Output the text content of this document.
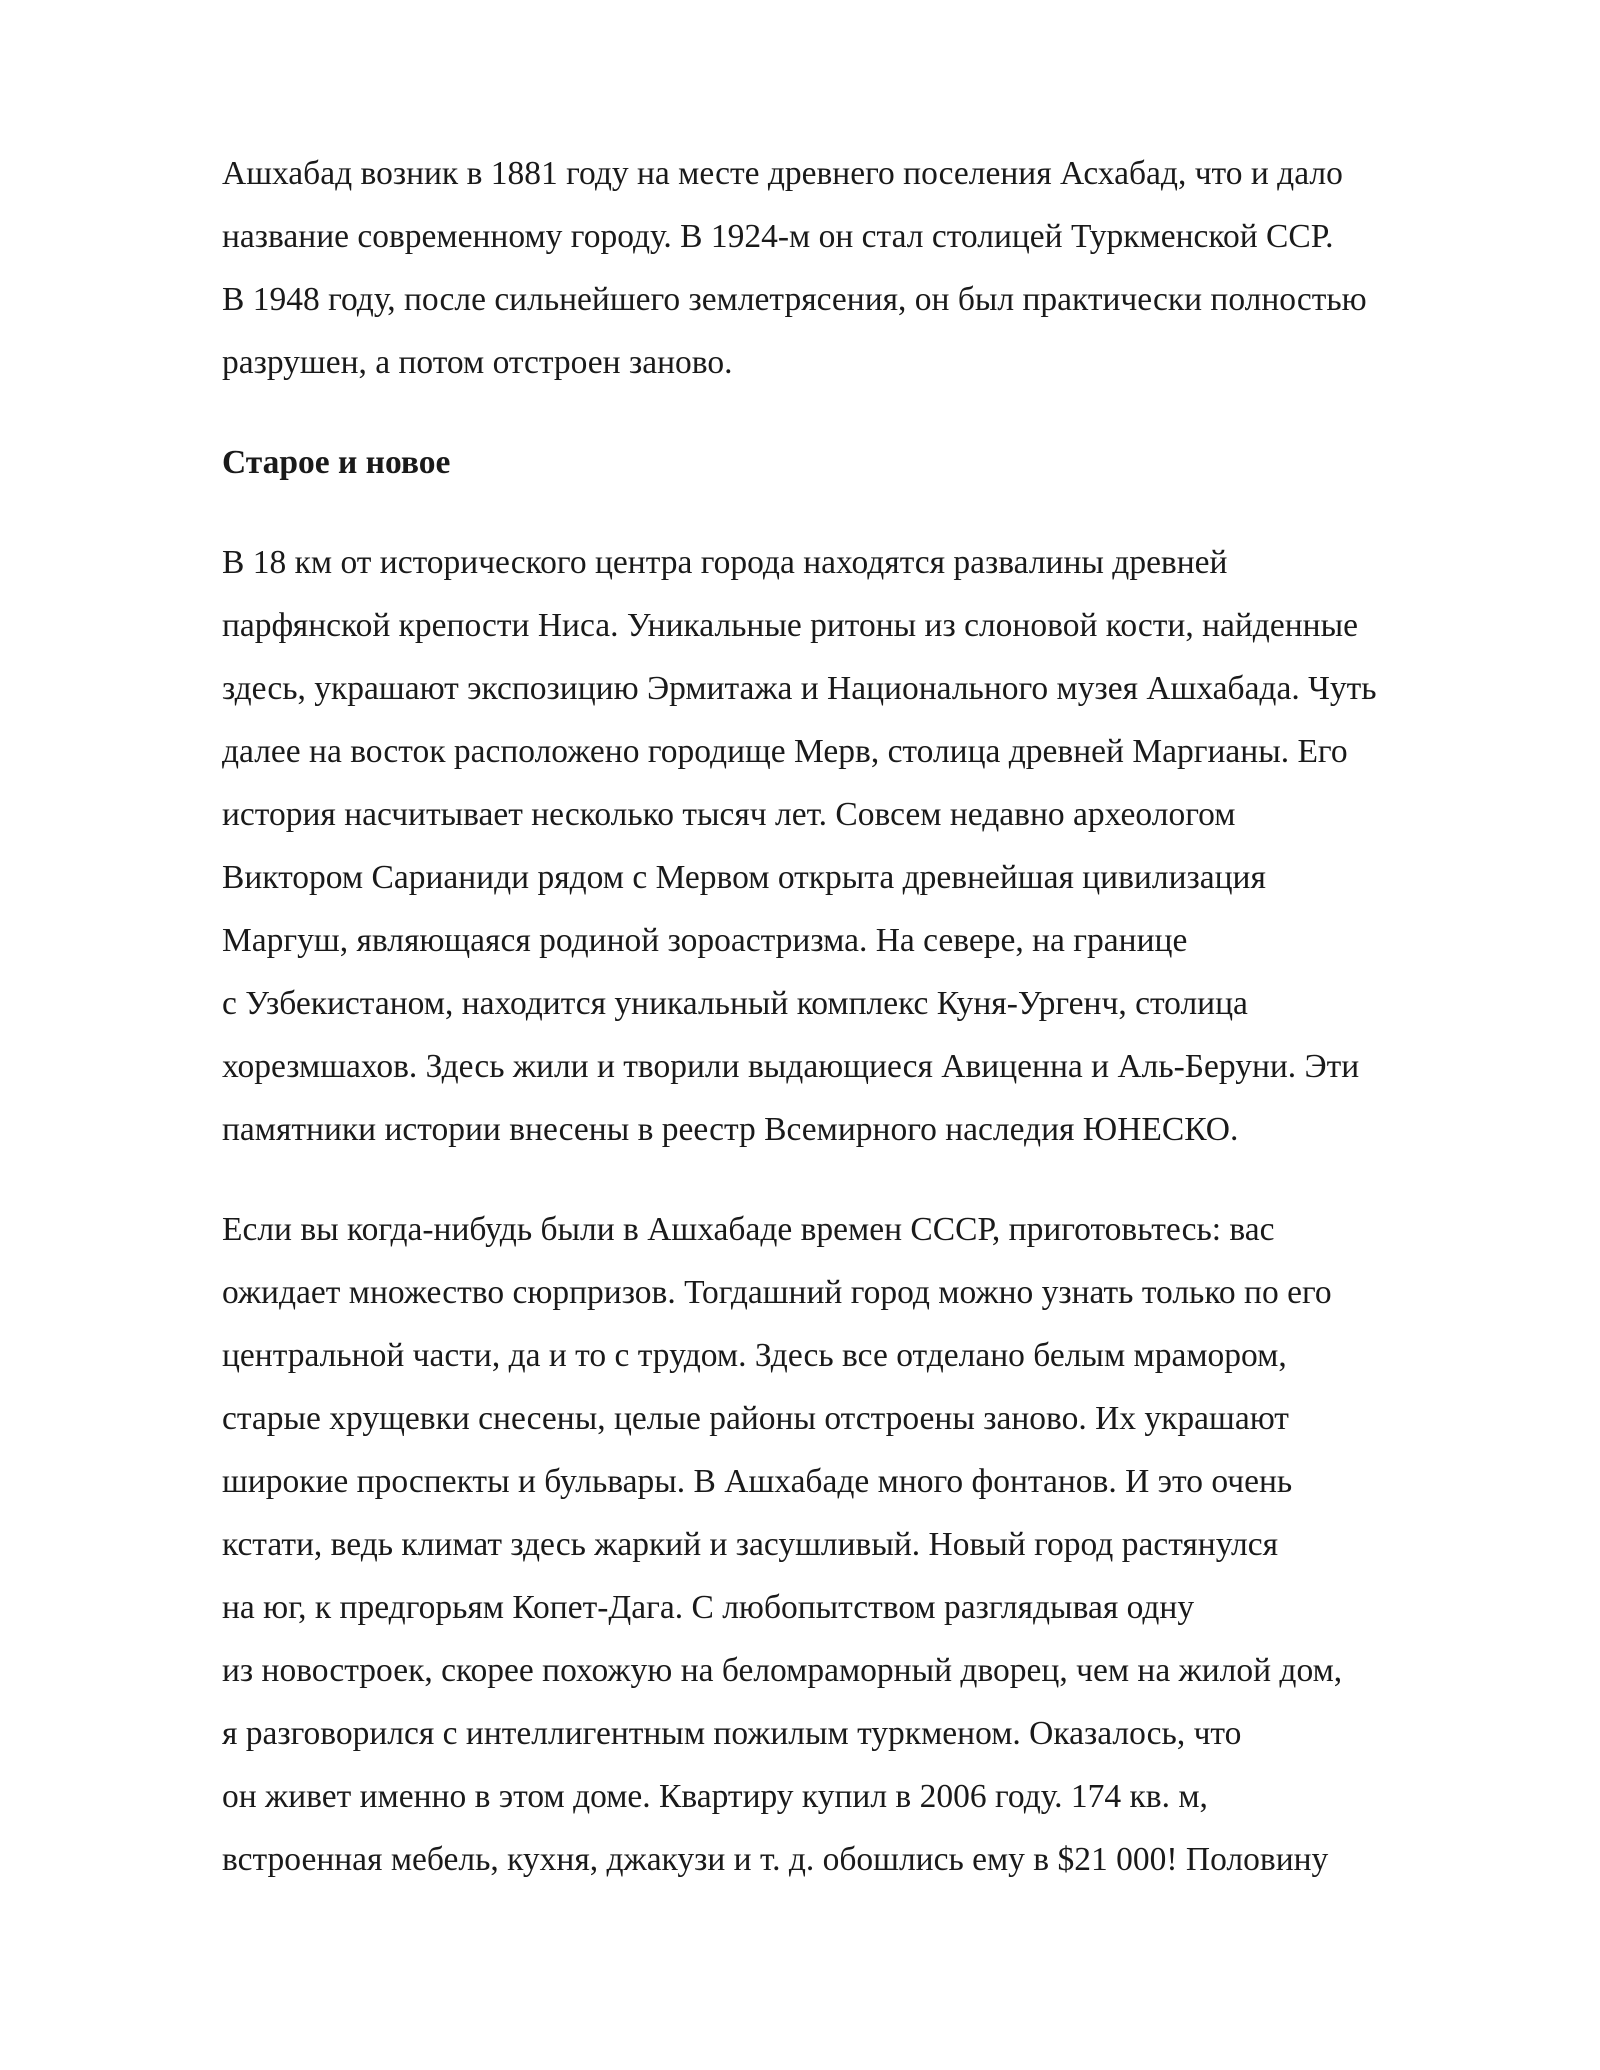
Ашхабад возник в 1881 году на месте древнего поселения Асхабад, что и дало
название современному городу. В 1924-м он стал столицей Туркменской ССР.
В 1948 году, после сильнейшего землетрясения, он был практически полностью
разрушен, а потом отстроен заново.

Старое и новое

В 18 км от исторического центра города находятся развалины древней
парфянской крепости Ниса. Уникальные ритоны из слоновой кости, найденные
здесь, украшают экспозицию Эрмитажа и Национального музея Ашхабада. Чуть
далее на восток расположено городище Мерв, столица древней Маргианы. Его
история насчитывает несколько тысяч лет. Совсем недавно археологом
Виктором Сарианиди рядом с Мервом открыта древнейшая цивилизация
Маргуш, являющаяся родиной зороастризма. На севере, на границе
с Узбекистаном, находится уникальный комплекс Куня-Ургенч, столица
хорезмшахов. Здесь жили и творили выдающиеся Авиценна и Аль-Беруни. Эти
памятники истории внесены в реестр Всемирного наследия ЮНЕСКО.

Если вы когда-нибудь были в Ашхабаде времен СССР, приготовьтесь: вас
ожидает множество сюрпризов. Тогдашний город можно узнать только по его
центральной части, да и то с трудом. Здесь все отделано белым мрамором,
старые хрущевки снесены, целые районы отстроены заново. Их украшают
широкие проспекты и бульвары. В Ашхабаде много фонтанов. И это очень
кстати, ведь климат здесь жаркий и засушливый. Новый город растянулся
на юг, к предгорьям Копет-Дага. С любопытством разглядывая одну
из новостроек, скорее похожую на беломраморный дворец, чем на жилой дом,
я разговорился с интеллигентным пожилым туркменом. Оказалось, что
он живет именно в этом доме. Квартиру купил в 2006 году. 174 кв. м,
встроенная мебель, кухня, джакузи и т. д. обошлись ему в $21 000! Половину
